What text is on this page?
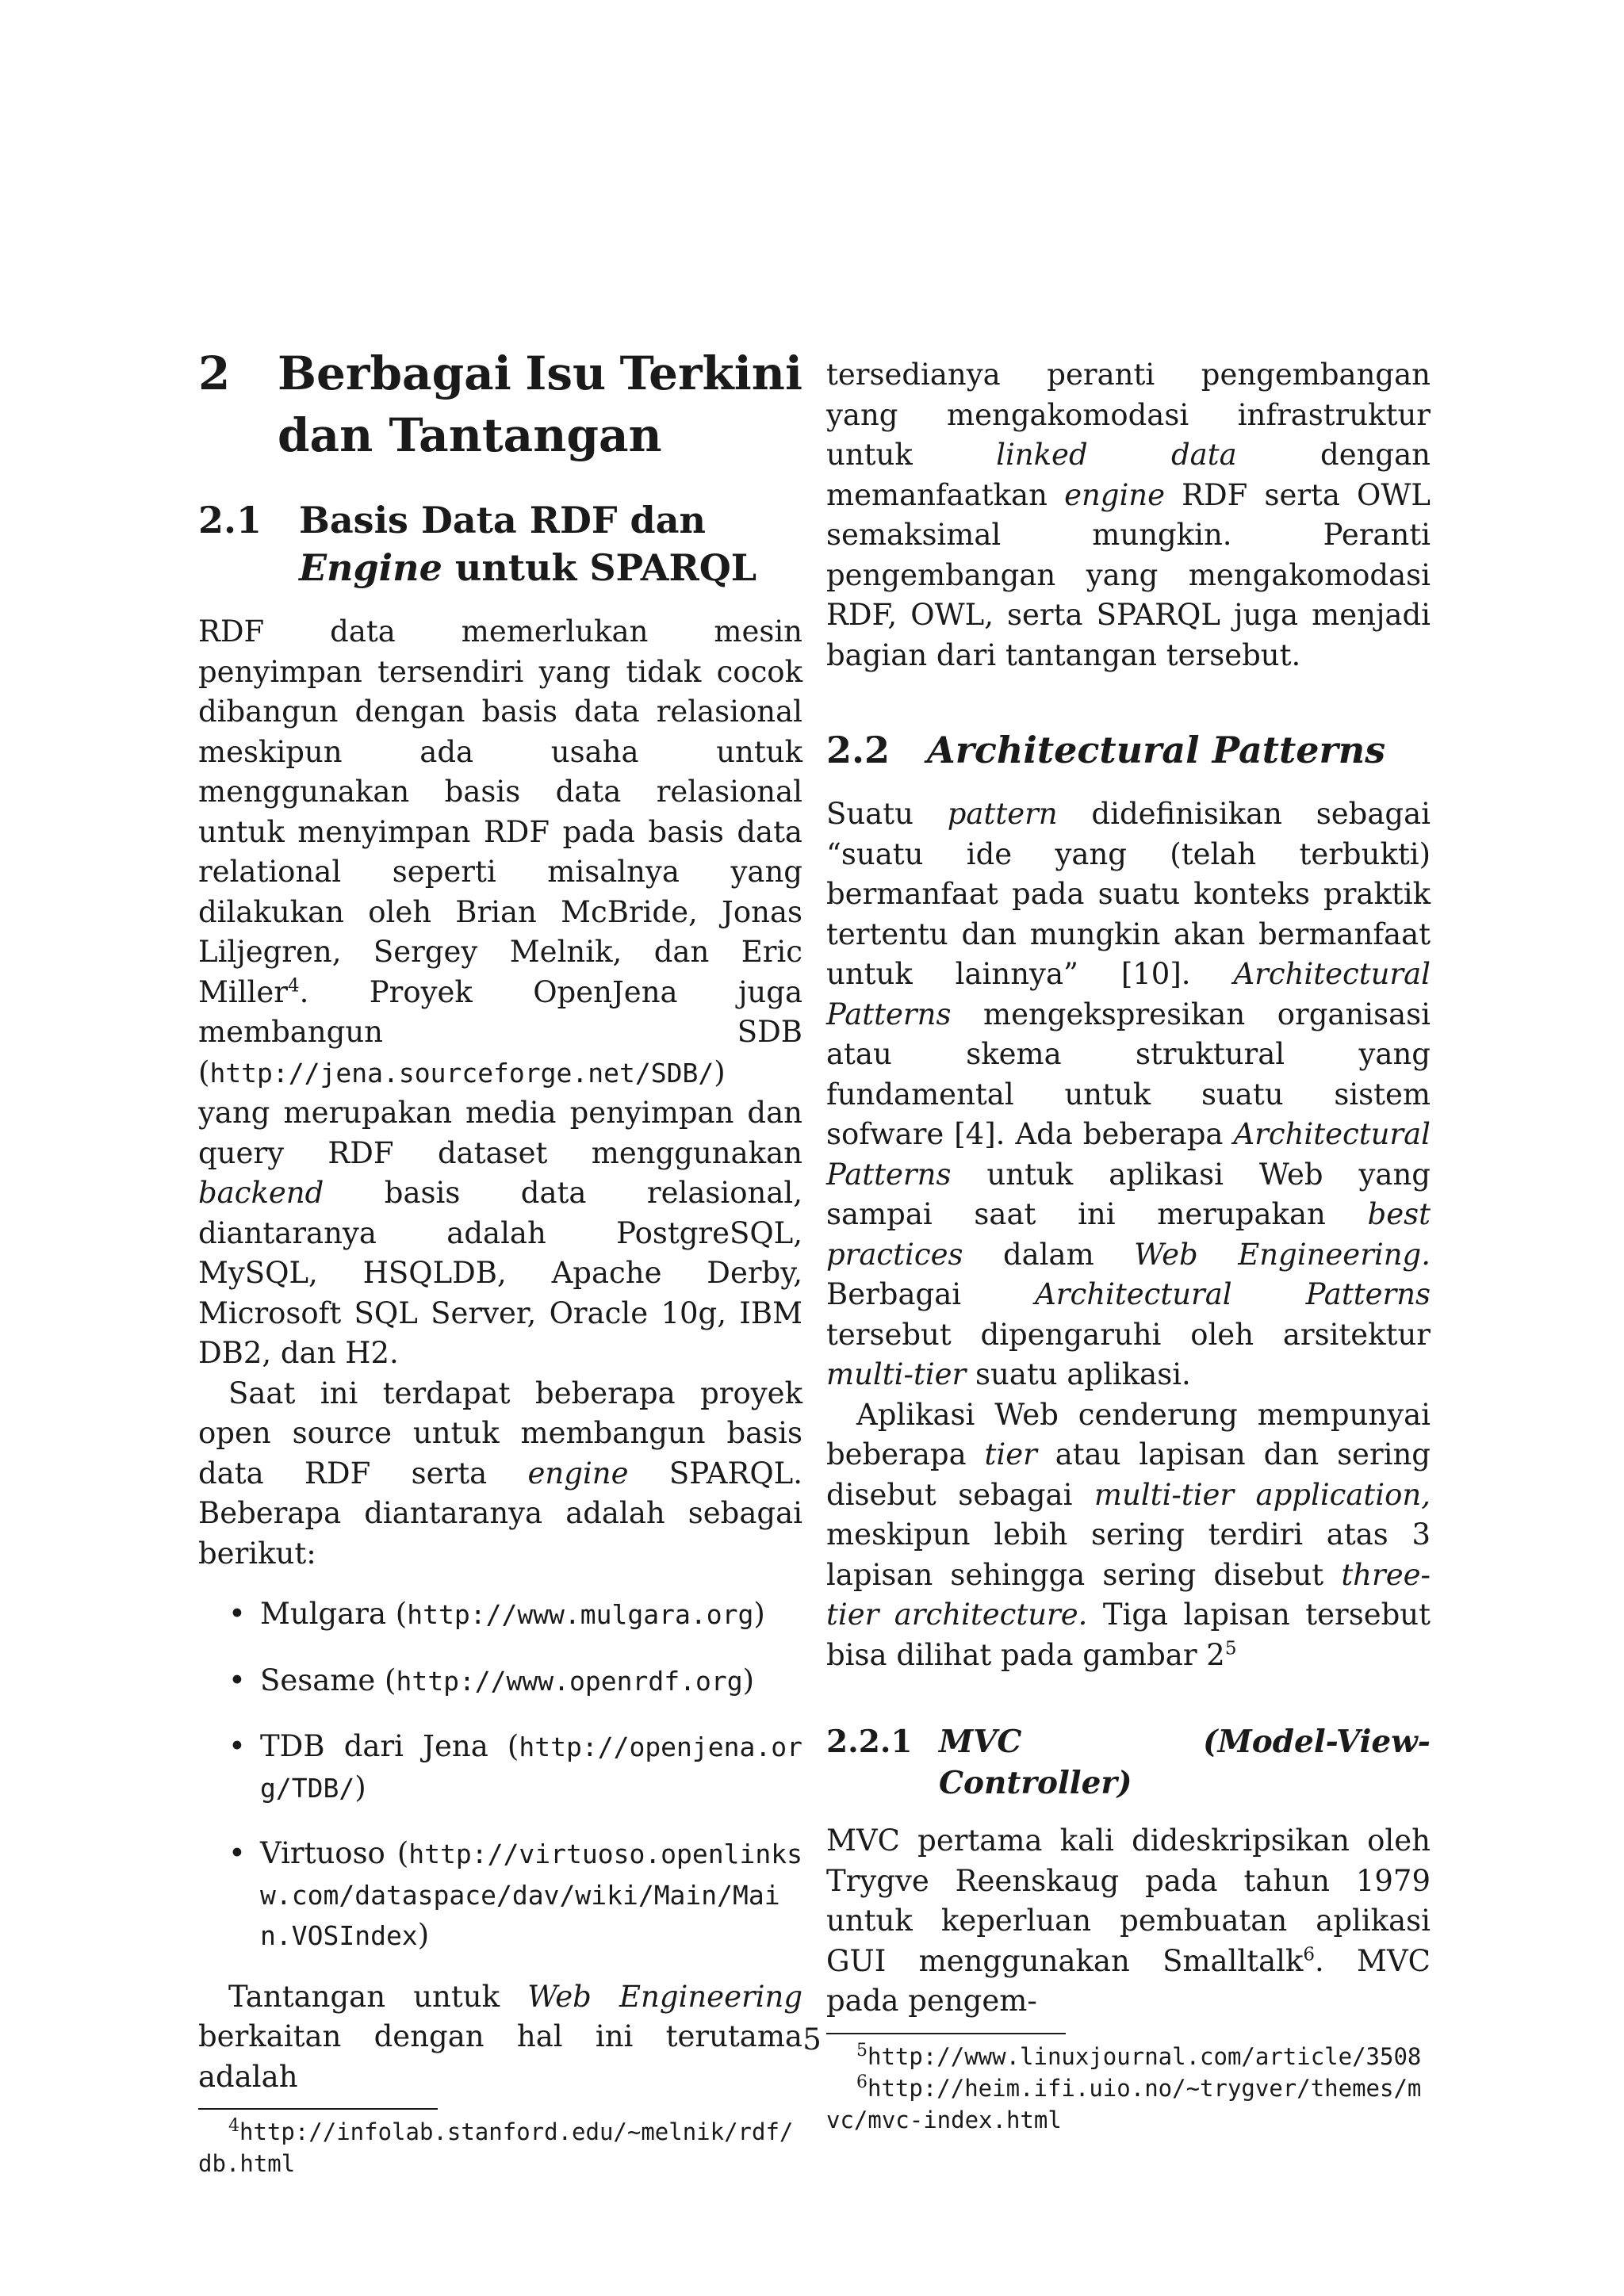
2	Berbagai Isu Terkini
dan Tantangan
2.1	Basis Data RDF dan Engine untuk SPARQL

RDF data memerlukan mesin penyimpan tersendiri yang tidak cocok dibangun dengan basis data relasional meskipun ada usaha untuk menggunakan basis data relasional untuk menyimpan RDF pada basis data relational seperti misalnya yang dilakukan oleh Brian McBride, Jonas Liljegren, Sergey Melnik, dan Eric Miller$^4$. Proyek OpenJena juga membangun SDB (http://jena.sourceforge.net/SDB/) yang merupakan media penyimpan dan query RDF dataset menggunakan backend basis data relasional, diantaranya adalah PostgreSQL, MySQL, HSQLDB, Apache Derby, Microsoft SQL Server, Oracle 10g, IBM DB2, dan H2.

Saat ini terdapat beberapa proyek open source untuk membangun basis data RDF serta engine SPARQL. Beberapa diantaranya adalah sebagai berikut:

• Mulgara (http://www.mulgara.org)
• Sesame (http://www.openrdf.org)
• TDB dari Jena (http://openjena.org/TDB/)
• Virtuoso (http://virtuoso.openlinksw.com/dataspace/dav/wiki/Main/Main.VOSIndex)

Tantangan untuk Web Engineering berkaitan dengan hal ini terutama adalah

$^4$http://infolab.stanford.edu/~melnik/rdf/db.html

tersedianya peranti pengembangan yang mengakomodasi infrastruktur untuk linked data dengan memanfaatkan engine RDF serta OWL semaksimal mungkin. Peranti pengembangan yang mengakomodasi RDF, OWL, serta SPARQL juga menjadi bagian dari tantangan tersebut.

2.2	Architectural Patterns

Suatu pattern didefinisikan sebagai “suatu ide yang (telah terbukti) bermanfaat pada suatu konteks praktik tertentu dan mungkin akan bermanfaat untuk lainnya” [10]. Architectural Patterns mengekspresikan organisasi atau skema struktural yang fundamental untuk suatu sistem sofware [4]. Ada beberapa Architectural Patterns untuk aplikasi Web yang sampai saat ini merupakan best practices dalam Web Engineering. Berbagai Architectural Patterns tersebut dipengaruhi oleh arsitektur multi-tier suatu aplikasi.

Aplikasi Web cenderung mempunyai beberapa tier atau lapisan dan sering disebut sebagai multi-tier application, meskipun lebih sering terdiri atas 3 lapisan sehingga sering disebut three-tier architecture. Tiga lapisan tersebut bisa dilihat pada gambar $2^5$

2.2.1 MVC	(Model-View-
Controller)

MVC pertama kali dideskripsikan oleh Trygve Reenskaug pada tahun 1979 untuk keperluan pembuatan aplikasi GUI menggunakan Smalltalk$^6$. MVC pada pengem-

$^5$http://www.linuxjournal.com/article/3508

$^6$http://heim.ifi.uio.no/~trygver/themes/mvc/mvc-index.html

5
